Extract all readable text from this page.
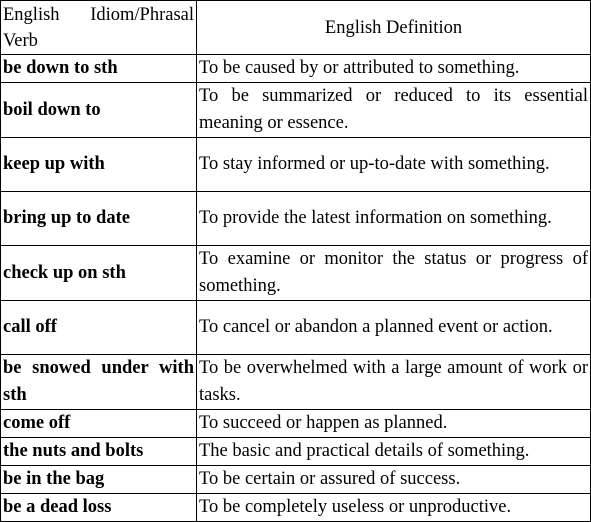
English Idiom/Phrasal Verb	English Definition
be down to sth	To be caused by or attributed to something.
boil down to	To be summarized or reduced to its essential meaning or essence.
keep up with	To stay informed or up-to-date with something.
bring up to date	To provide the latest information on something.
check up on sth	To examine or monitor the status or progress of something.
call off	To cancel or abandon a planned event or action.
be snowed under with sth	To be overwhelmed with a large amount of work or tasks.
come off	To succeed or happen as planned.
the nuts and bolts	The basic and practical details of something.
be in the bag	To be certain or assured of success.
be a dead loss	To be completely useless or unproductive.
